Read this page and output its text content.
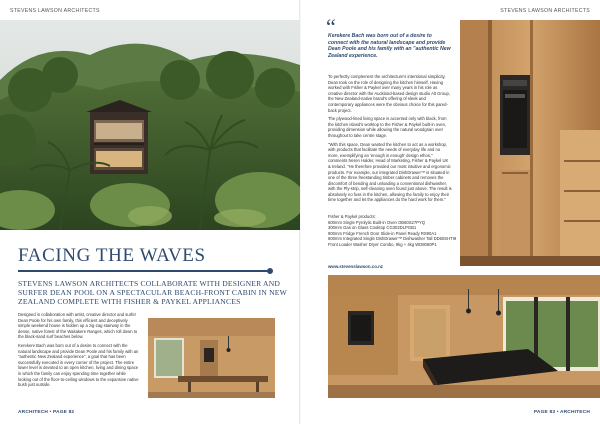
STEVENS LAWSON ARCHITECTS	STEVENS LAWSON ARCHITECTS
FACING THE WAVES
STEVENS LAWSON ARCHITECTS COLLABORATE WITH DESIGNER AND SURFER DEAN POOL ON A SPECTACULAR BEACH-FRONT CABIN IN NEW ZEALAND COMPLETE WITH FISHER & PAYKEL APPLIANCES

Designed in collaboration with artist, creative director and surfer Dean Poole for his own family, this efficient and deceptively simple weekend house is hidden up a zig-zag stairway in the dense, native forest of the Waitakere Ranges, which roll down to the black-sand surf beaches below.

Kerekere Bach was born out of a desire to connect with the natural landscape and provide Dean Poole and his family with an "authentic New Zealand experience", a goal that has been successfully executed in every corner of the project. The entire lower level is devoted to an open kitchen, living and dining space in which the family can enjoy spending time together while looking out of the floor-to-ceiling windows to the expansive native bush just outside.

“
Kerekere Bach was born out of a desire to connect with the natural landscape and provide Dean Poole and his family with an "authentic New Zealand experience.

To perfectly complement the architecture's intentional simplicity, Dean took on the role of designing the kitchen himself. Having worked with Fisher & Paykel over many years in his role as creative director with the Auckland-based design studio Alt Group, the New Zealand-native brand's offering of sleek and contemporary appliances were the obvious choice for this pared-back project.

The plywood-lined living space is accented only with black, from the kitchen island's worktop to the Fisher & Paykel built-in oven, providing dimension while allowing the natural woodgrain over throughout to take centre stage.

"With this space, Dean wanted the kitchen to act as a workshop, with products that facilitate the needs of everyday life and no more, exemplifying an 'enough is enough' design ethos," comments Neren Halder, Head of Marketing, Fisher & Paykel UK & Ireland. "He therefore provided our most intuitive and ergonomic products. For example, our integrated DishDrawer™ is situated in one of the three freestanding timber cabinets and removes the discomfort of bending and unloading a conventional dishwasher, with the Ply-strip, self-cleaning oven found just above. The result is absolutely no fuss in the kitchen, allowing the family to enjoy their time together and let the appliances do the hard work for them."

Fisher & Paykel products:
600mm Single Pyrolytic Built-in Oven OB60S27PYQ
300mm Gas on Glass Cooktop CG302DLPGB1
900mm Fridge French Door Slide-in Panel Ready RS90A1
600mm Integrated Single DishDrawer™ Dishwasher Tall DD60SHTI9
Front Loader Washer Dryer Combo, 9kg + 4kg WD8060P1
www.stevenslawson.co.nz
ARCHITECH • PAGE 82	PAGE 83 • ARCHITECH
